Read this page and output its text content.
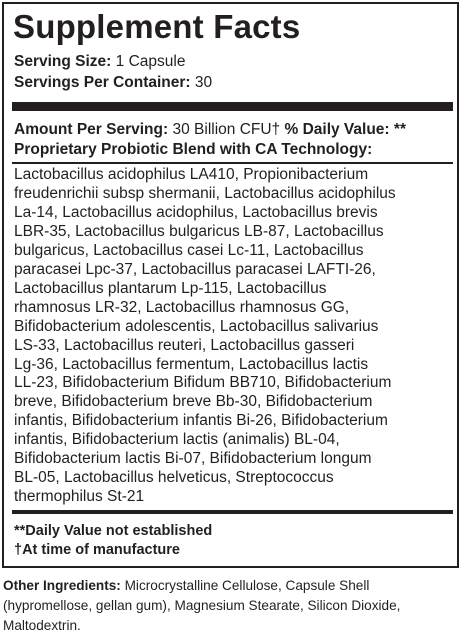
Supplement Facts
Serving Size: 1 Capsule
Servings Per Container: 30
Amount Per Serving: 30 Billion CFU† % Daily Value: **
Proprietary Probiotic Blend with CA Technology:
Lactobacillus acidophilus LA410, Propionibacterium
freudenrichii subsp shermanii, Lactobacillus acidophilus
La-14, Lactobacillus acidophilus, Lactobacillus brevis
LBR-35, Lactobacillus bulgaricus LB-87, Lactobacillus
bulgaricus, Lactobacillus casei Lc-11, Lactobacillus
paracasei Lpc-37, Lactobacillus paracasei LAFTI-26,
Lactobacillus plantarum Lp-115, Lactobacillus
rhamnosus LR-32, Lactobacillus rhamnosus GG,
Bifidobacterium adolescentis, Lactobacillus salivarius
LS-33, Lactobacillus reuteri, Lactobacillus gasseri
Lg-36, Lactobacillus fermentum, Lactobacillus lactis
LL-23, Bifidobacterium Bifidum BB710, Bifidobacterium
breve, Bifidobacterium breve Bb-30, Bifidobacterium
infantis, Bifidobacterium infantis Bi-26, Bifidobacterium
infantis, Bifidobacterium lactis (animalis) BL-04,
Bifidobacterium lactis Bi-07, Bifidobacterium longum
BL-05, Lactobacillus helveticus, Streptococcus
thermophilus St-21
**Daily Value not established
†At time of manufacture
Other Ingredients: Microcrystalline Cellulose, Capsule Shell
(hypromellose, gellan gum), Magnesium Stearate, Silicon Dioxide,
Maltodextrin.
